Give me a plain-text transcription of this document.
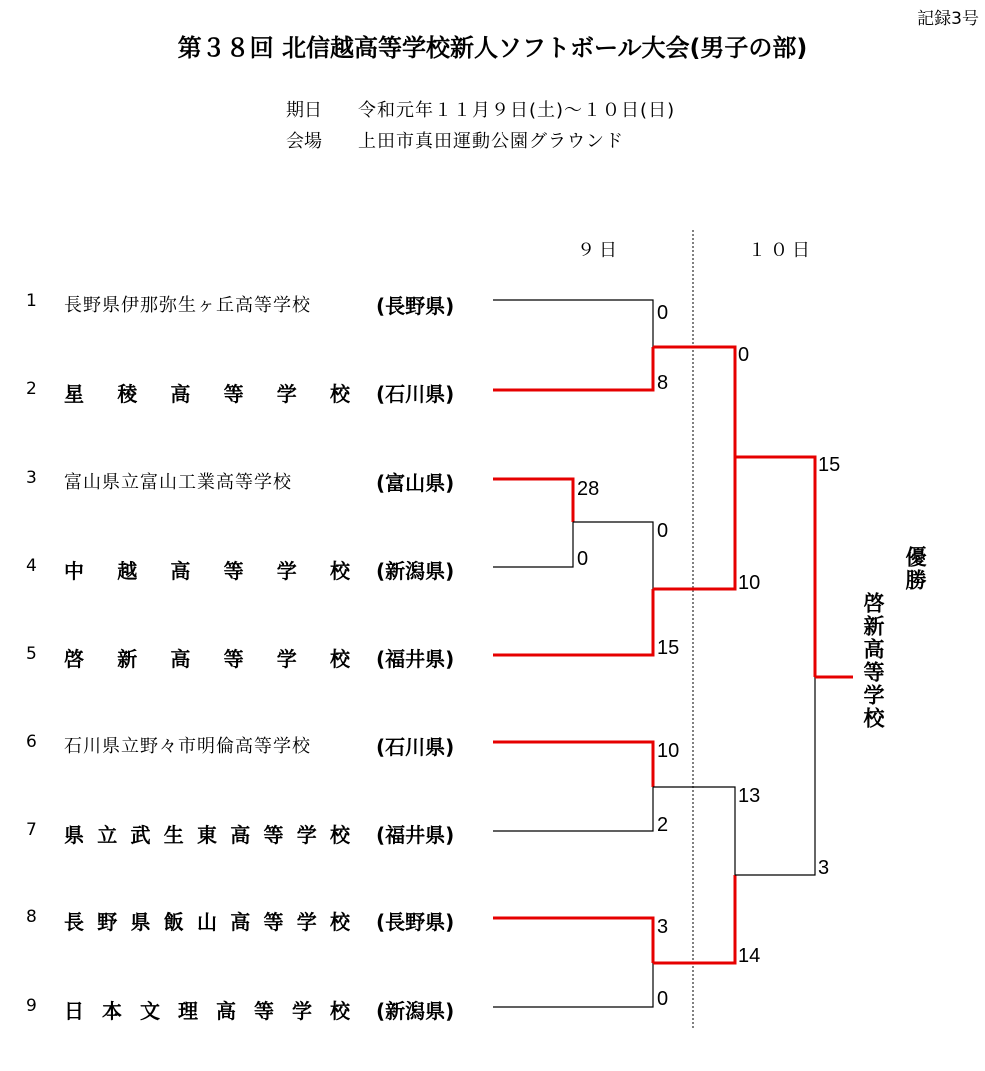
記録3号
第３８回 北信越高等学校新人ソフトボール大会(男子の部)
期日 令和元年１１月９日(土)～１０日(日)
会場 上田市真田運動公園グラウンド
９日	１０日
1 長野県伊那弥生ヶ丘高等学校	(長野県)
2 星稜高等学校 (石川県)
3 富山県立富山工業高等学校	(富山県)
4 中越高等学校 (新潟県)
5 啓新高等学校 (福井県)
6 石川県立野々市明倫高等学校	(石川県)
7 県立武生東高等学校 (福井県)
8 長野県飯山高等学校 (長野県)
9 日本文理高等学校 (新潟県)
0
8
28
0
0
15
0
10
10
2
3
0
13
14
15
3
優勝
啓新高等学校
